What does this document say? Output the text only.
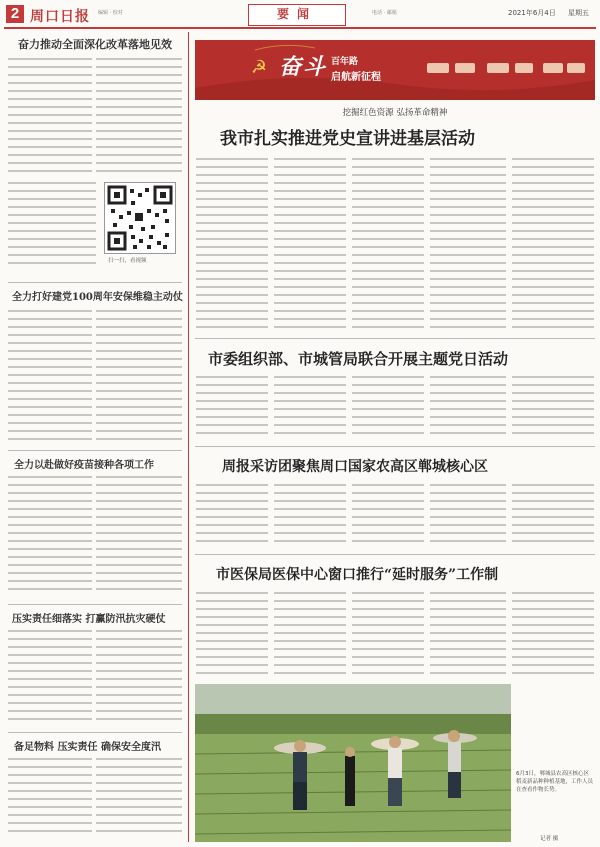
2 周口日报 编辑 · 校对	要闻	电话 · 邮箱	2021年6月4日 星期五
奋力推动全面深化改革落地见效
扫一扫，看视频
全力打好建党100周年安保维稳主动仗
全力以赴做好疫苗接种各项工作
压实责任细落实 打赢防汛抗灾硬仗
备足物料 压实责任 确保安全度汛
☭ 奋斗 百年路
启航新征程
挖掘红色资源 弘扬革命精神
我市扎实推进党史宣讲进基层活动
市委组织部、市城管局联合开展主题党日活动
周报采访团聚焦周口国家农高区郸城核心区
市医保局医保中心窗口推行“延时服务”工作制
6月3日，郸城县农高区核心区稻麦新品种种植基地，工作人员在查看作物长势。
记者 摄
